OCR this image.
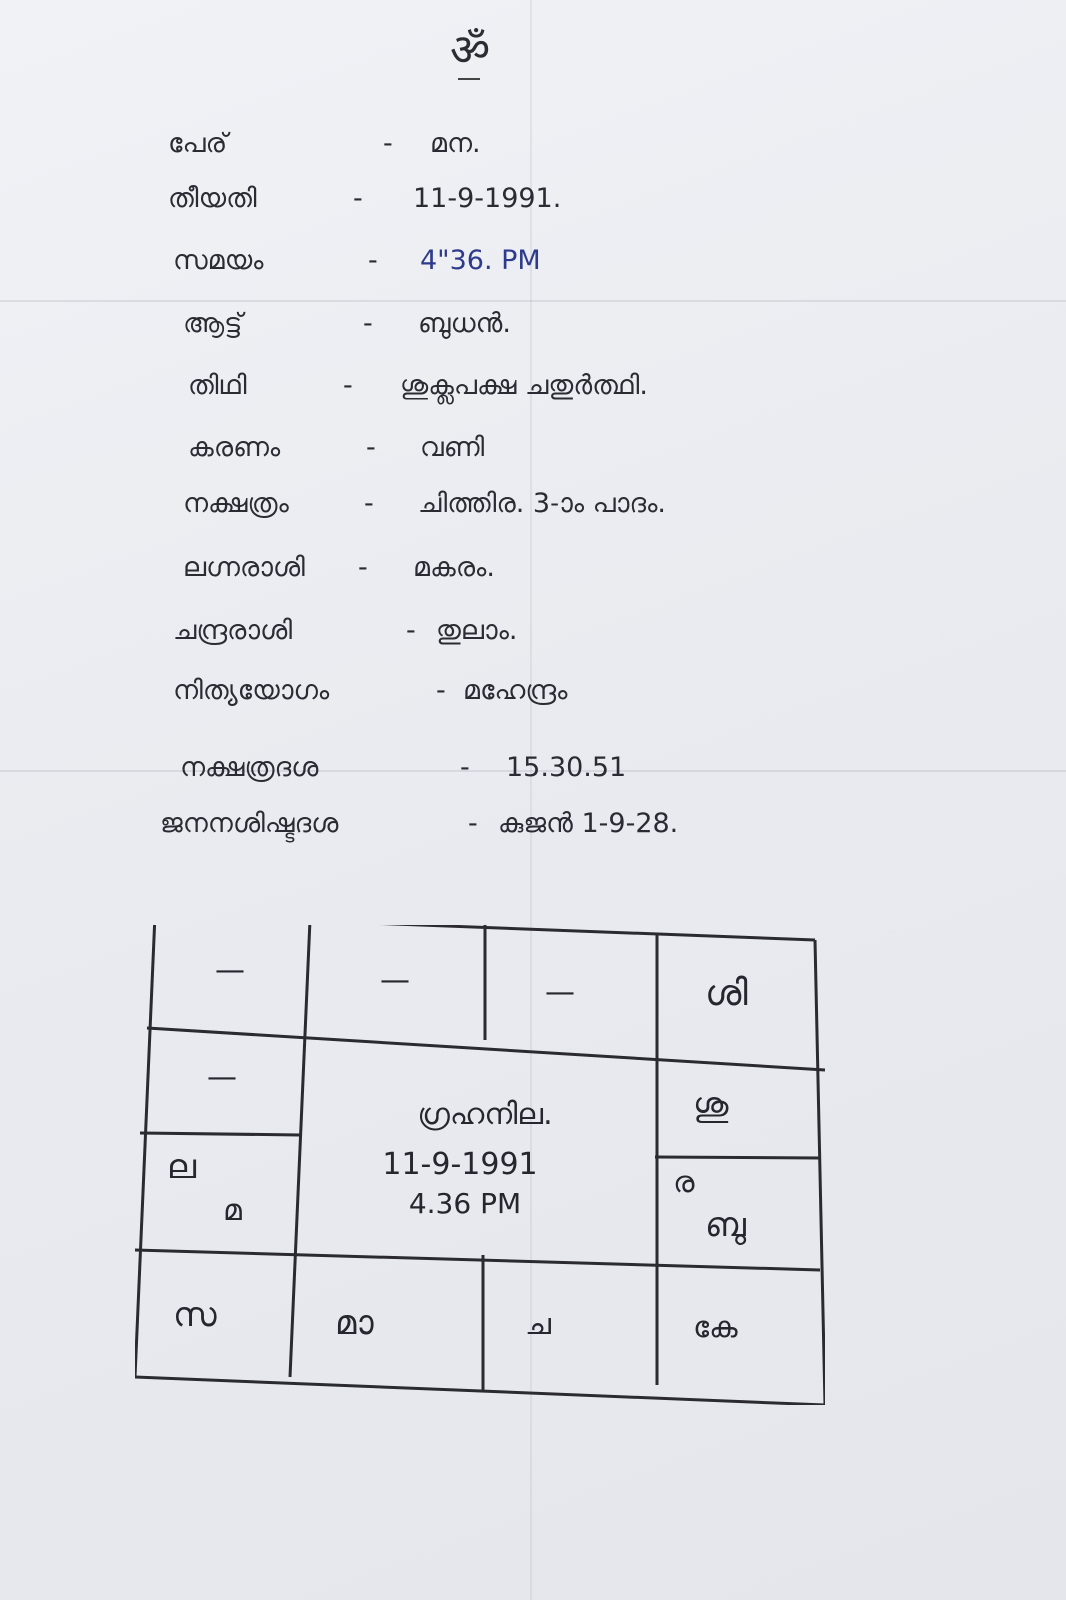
ॐ
പേര്	- മന.
തീയതി	- 11-9-1991.
സമയം	- 4"36. PM
ആട്ട്	- ബുധൻ.
തിഥി	- ശുക്ലപക്ഷ ചതുർത്ഥി.
കരണം	- വണി
നക്ഷത്രം	- ചിത്തിര. 3-ാം പാദം.
ലഗ്നരാശി - മകരം.
ചന്ദ്രരാശി	- തുലാം.
നിത്യയോഗം	- മഹേന്ദ്രം
നക്ഷത്രദശ	- 15.30.51
ജനനശിഷ്ടദശ	- കുജൻ 1-9-28.
—	—	—	ശി
—
ശു
ല
മ
ര
ബു
സ	മാ	ച	കേ
ഗ്രഹനില.
11-9-1991
4.36 PM
